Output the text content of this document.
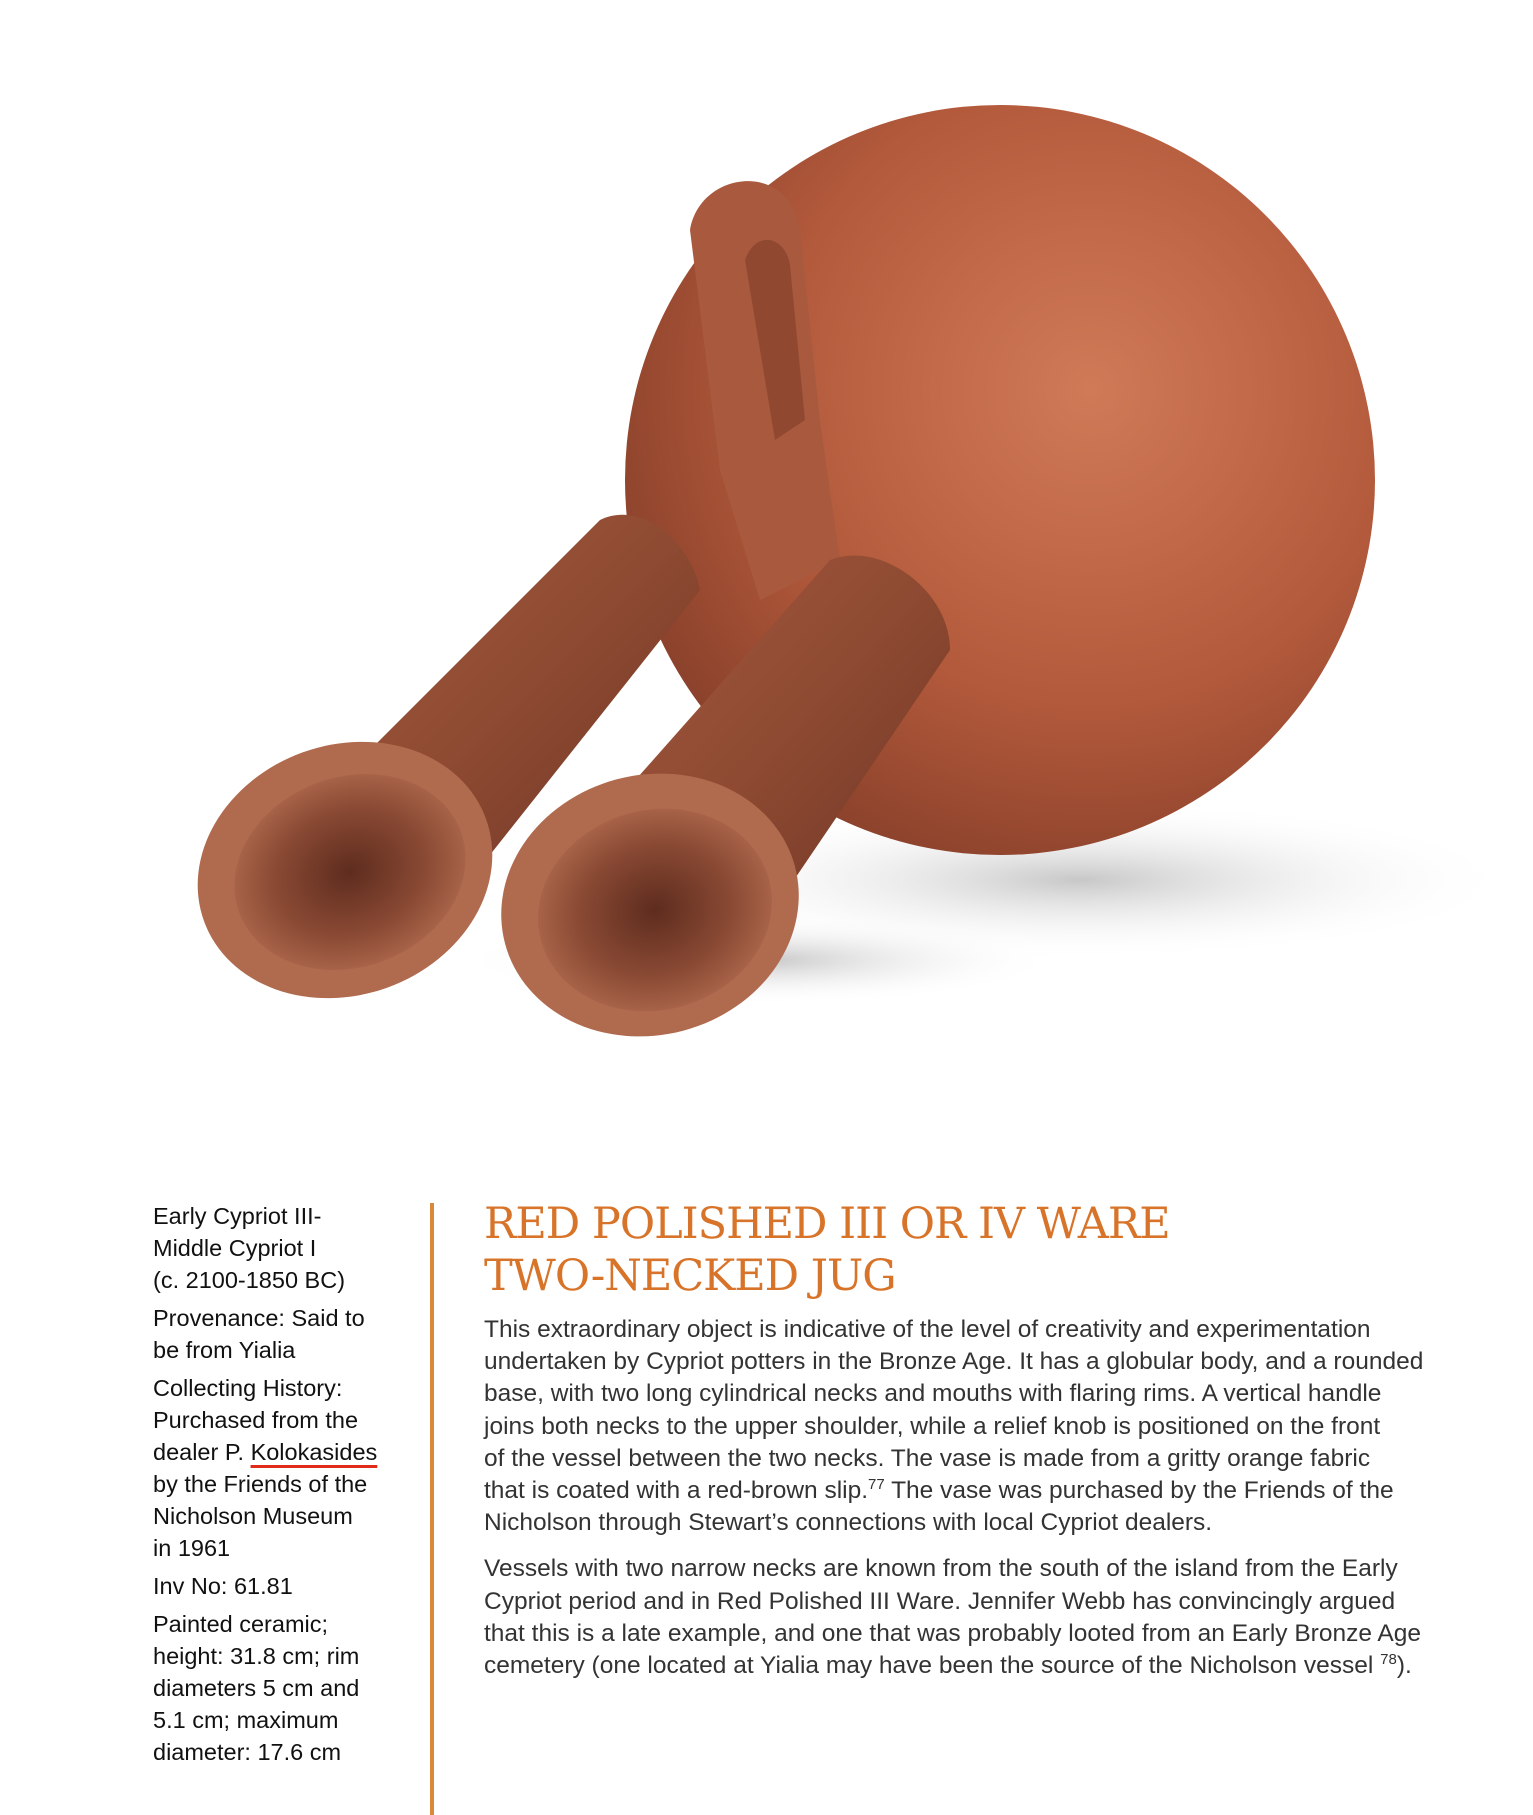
Early Cypriot III-
Middle Cypriot I
(c. 2100-1850 BC)

Provenance: Said to
be from Yialia

Collecting History:
Purchased from the
dealer P. Kolokasides
by the Friends of the
Nicholson Museum
in 1961

Inv No: 61.81

Painted ceramic;
height: 31.8 cm; rim
diameters 5 cm and
5.1 cm; maximum
diameter: 17.6 cm

RED POLISHED III OR IV WARE
TWO-NECKED JUG

This extraordinary object is indicative of the level of creativity and experimentation
undertaken by Cypriot potters in the Bronze Age. It has a globular body, and a rounded
base, with two long cylindrical necks and mouths with flaring rims. A vertical handle
joins both necks to the upper shoulder, while a relief knob is positioned on the front
of the vessel between the two necks. The vase is made from a gritty orange fabric
that is coated with a red-brown slip.$^{77}$ The vase was purchased by the Friends of the
Nicholson through Stewart’s connections with local Cypriot dealers.

Vessels with two narrow necks are known from the south of the island from the Early
Cypriot period and in Red Polished III Ware. Jennifer Webb has convincingly argued
that this is a late example, and one that was probably looted from an Early Bronze Age
cemetery (one located at Yialia may have been the source of the Nicholson vessel $^{78}$).
